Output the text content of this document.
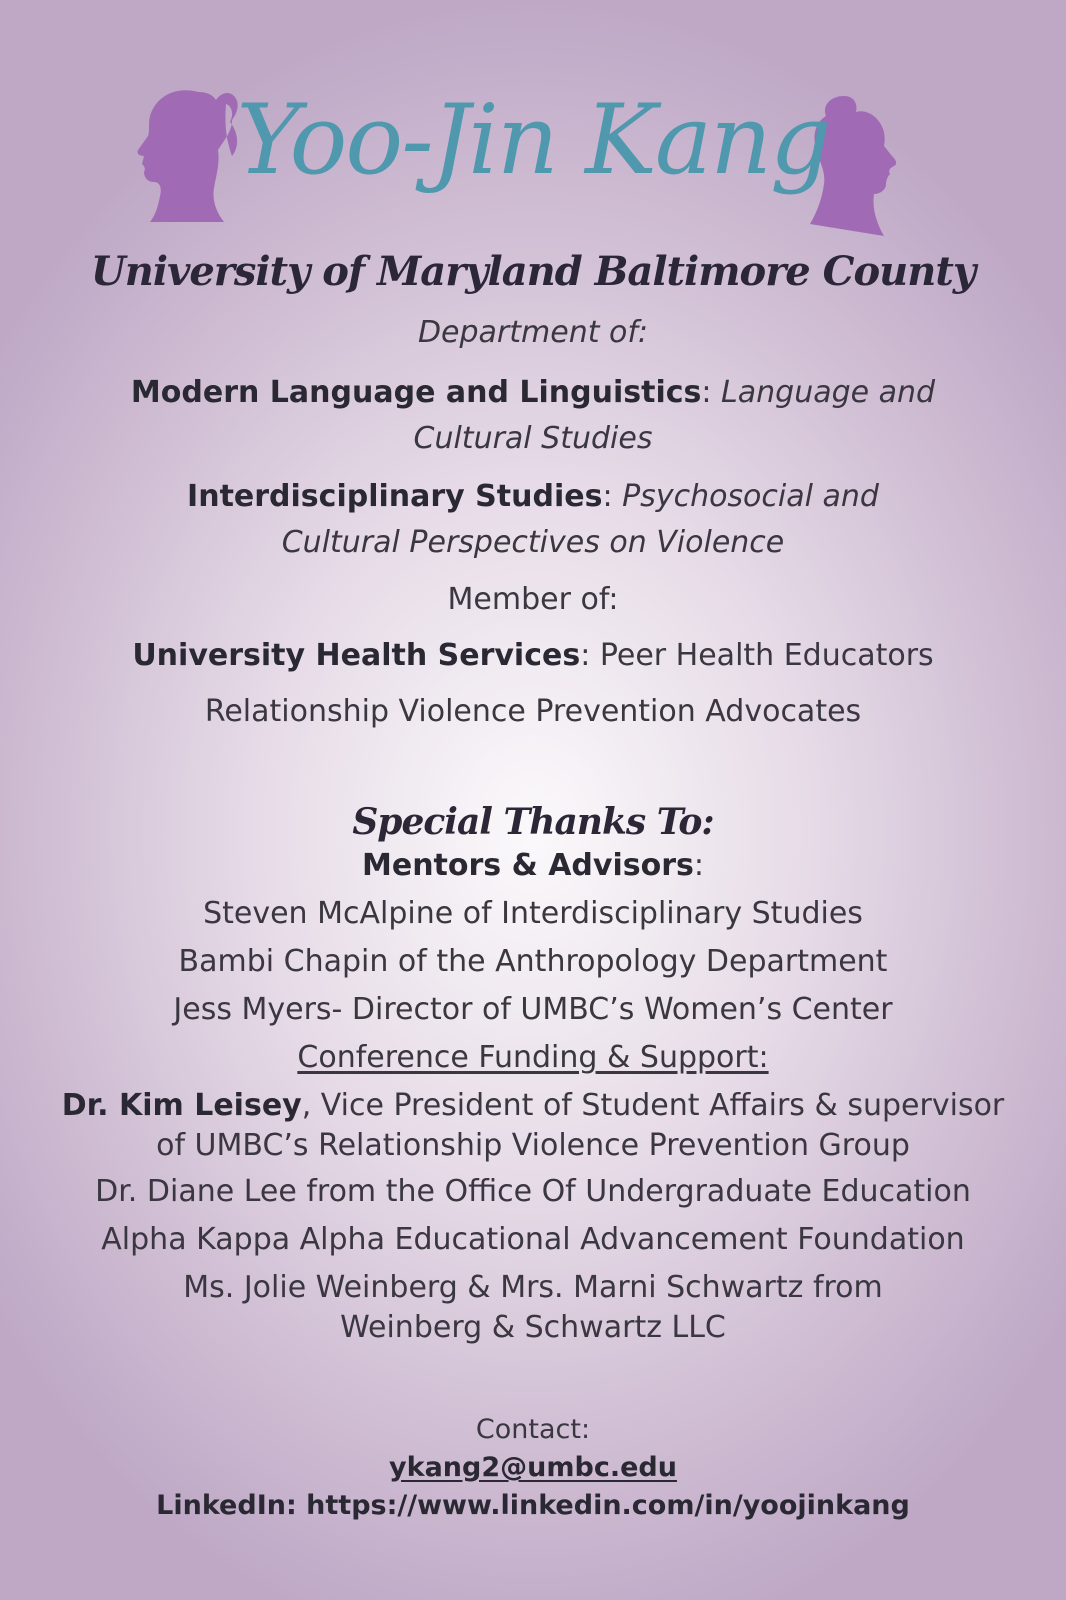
Yoo-Jin Kang
University of Maryland Baltimore County
Department of:
Modern Language and Linguistics: Language and Cultural Studies
Interdisciplinary Studies: Psychosocial and Cultural Perspectives on Violence
Member of:
University Health Services: Peer Health Educators
Relationship Violence Prevention Advocates
Special Thanks To:
Mentors & Advisors:
Steven McAlpine of Interdisciplinary Studies
Bambi Chapin of the Anthropology Department
Jess Myers- Director of UMBC’s Women’s Center
Conference Funding & Support:
Dr. Kim Leisey, Vice President of Student Affairs & supervisor of UMBC’s Relationship Violence Prevention Group
Dr. Diane Lee from the Office Of Undergraduate Education
Alpha Kappa Alpha Educational Advancement Foundation
Ms. Jolie Weinberg & Mrs. Marni Schwartz from Weinberg & Schwartz LLC
Contact:
ykang2@umbc.edu
LinkedIn: https://www.linkedin.com/in/yoojinkang
